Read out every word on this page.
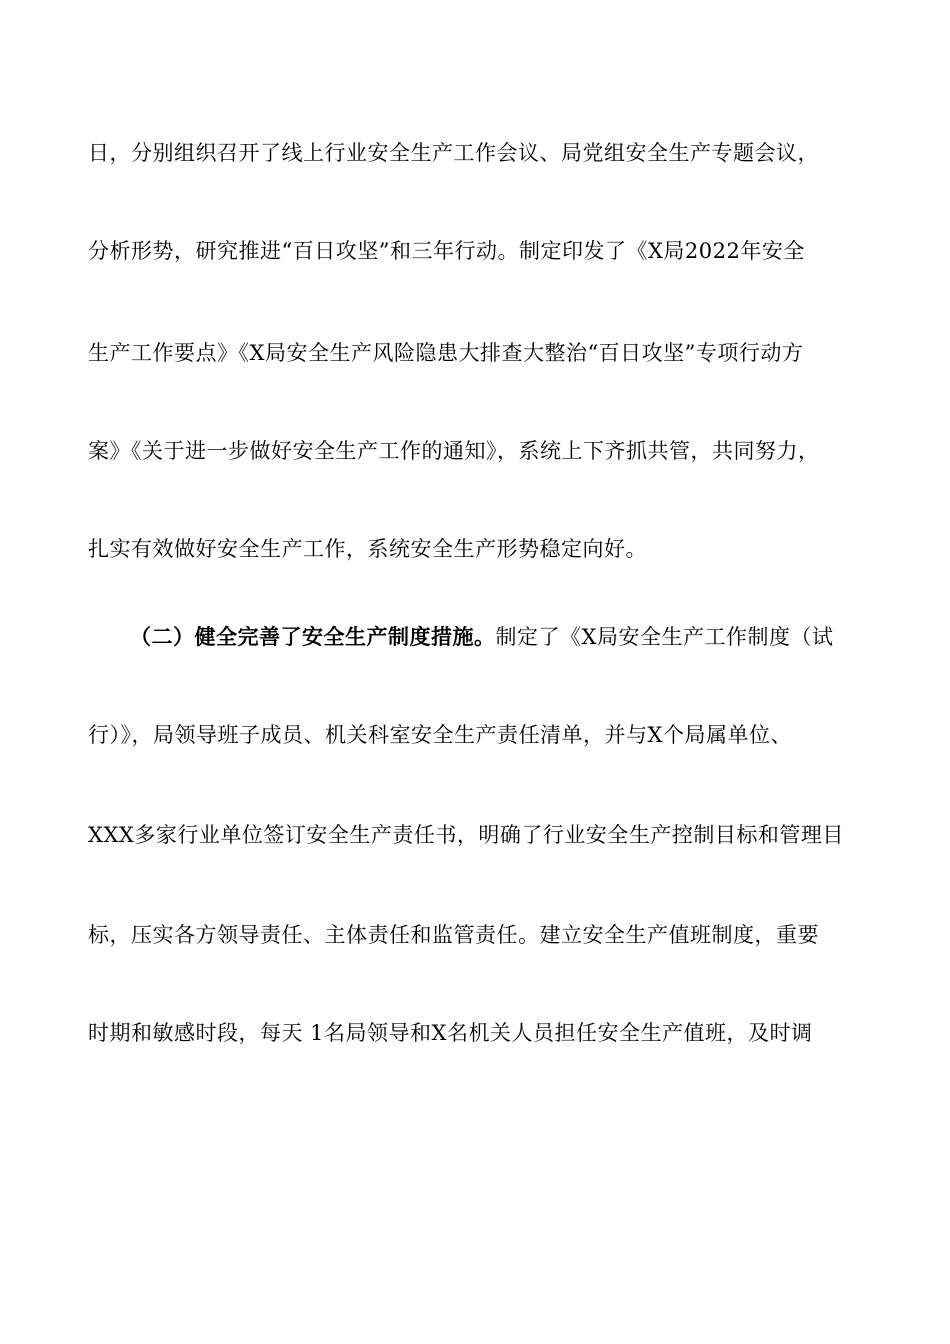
日，分别组织召开了线上行业安全生产工作会议、局党组安全生产专题会议，
分析形势，研究推进“百日攻坚”和三年行动。制定印发了《X局2022年安全
生产工作要点》《X局安全生产风险隐患大排查大整治“百日攻坚”专项行动方
案》《关于进一步做好安全生产工作的通知》，系统上下齐抓共管，共同努力，
扎实有效做好安全生产工作，系统安全生产形势稳定向好。
（二）健全完善了安全生产制度措施。制定了《X局安全生产工作制度（试
行）》，局领导班子成员、机关科室安全生产责任清单，并与X个局属单位、
XXX多家行业单位签订安全生产责任书，明确了行业安全生产控制目标和管理目
标，压实各方领导责任、主体责任和监管责任。建立安全生产值班制度，重要
时期和敏感时段，每天 1名局领导和X名机关人员担任安全生产值班，及时调
